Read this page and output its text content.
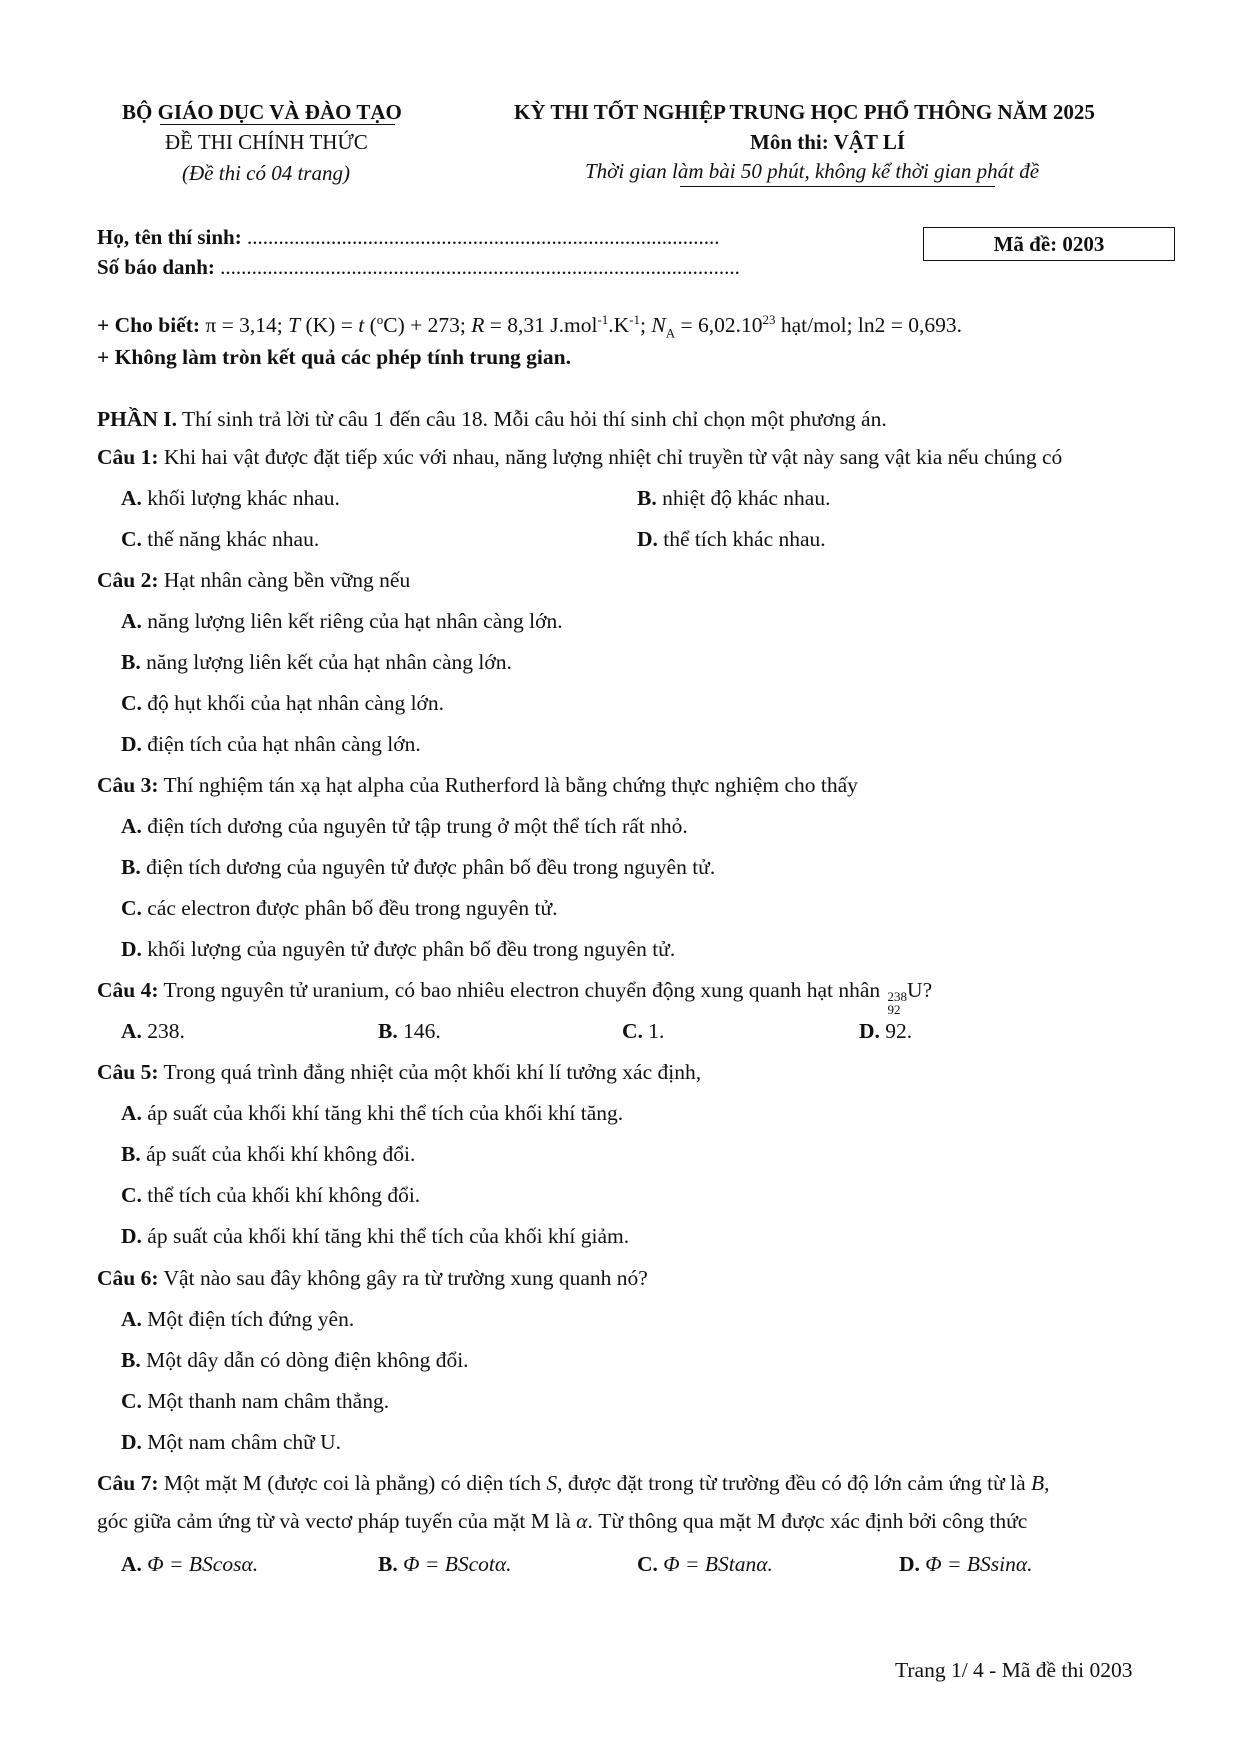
BỘ GIÁO DỤC VÀ ĐÀO TẠO
ĐỀ THI CHÍNH THỨC
(Đề thi có 04 trang)
KỲ THI TỐT NGHIỆP TRUNG HỌC PHỔ THÔNG NĂM 2025
Môn thi: VẬT LÍ
Thời gian làm bài 50 phút, không kể thời gian phát đề
Họ, tên thí sinh: ..........................................................................................
Số báo danh: ...................................................................................................
Mã đề: 0203
+ Cho biết: π = 3,14; T (K) = t ($^o$C) + 273; R = 8,31 $J.mol^{-1}.K^{-1}$; $N_A = 6,02.10^{23}$ hạt/mol; ln2 = 0,693.
+ Không làm tròn kết quả các phép tính trung gian.
PHẦN I. Thí sinh trả lời từ câu 1 đến câu 18. Mỗi câu hỏi thí sinh chỉ chọn một phương án.
Câu 1: Khi hai vật được đặt tiếp xúc với nhau, năng lượng nhiệt chỉ truyền từ vật này sang vật kia nếu chúng có
A. khối lượng khác nhau.	B. nhiệt độ khác nhau.
C. thế năng khác nhau.	D. thể tích khác nhau.
Câu 2: Hạt nhân càng bền vững nếu
A. năng lượng liên kết riêng của hạt nhân càng lớn.
B. năng lượng liên kết của hạt nhân càng lớn.
C. độ hụt khối của hạt nhân càng lớn.
D. điện tích của hạt nhân càng lớn.
Câu 3: Thí nghiệm tán xạ hạt alpha của Rutherford là bằng chứng thực nghiệm cho thấy
A. điện tích dương của nguyên tử tập trung ở một thể tích rất nhỏ.
B. điện tích dương của nguyên tử được phân bố đều trong nguyên tử.
C. các electron được phân bố đều trong nguyên tử.
D. khối lượng của nguyên tử được phân bố đều trong nguyên tử.
Câu 4: Trong nguyên tử uranium, có bao nhiêu electron chuyển động xung quanh hạt nhân 238
92
U?
A. 238.	B. 146.	C. 1.	D. 92.
Câu 5: Trong quá trình đẳng nhiệt của một khối khí lí tưởng xác định,
A. áp suất của khối khí tăng khi thể tích của khối khí tăng.
B. áp suất của khối khí không đổi.
C. thể tích của khối khí không đổi.
D. áp suất của khối khí tăng khi thể tích của khối khí giảm.
Câu 6: Vật nào sau đây không gây ra từ trường xung quanh nó?
A. Một điện tích đứng yên.
B. Một dây dẫn có dòng điện không đổi.
C. Một thanh nam châm thẳng.
D. Một nam châm chữ U.
Câu 7: Một mặt M (được coi là phẳng) có diện tích S, được đặt trong từ trường đều có độ lớn cảm ứng từ là B,
góc giữa cảm ứng từ và vectơ pháp tuyến của mặt M là α. Từ thông qua mặt M được xác định bởi công thức
A. Φ = BScosα.	B. Φ = BScotα.	C. Φ = BStanα.	D. Φ = BSsinα.
Trang 1/ 4 - Mã đề thi 0203
